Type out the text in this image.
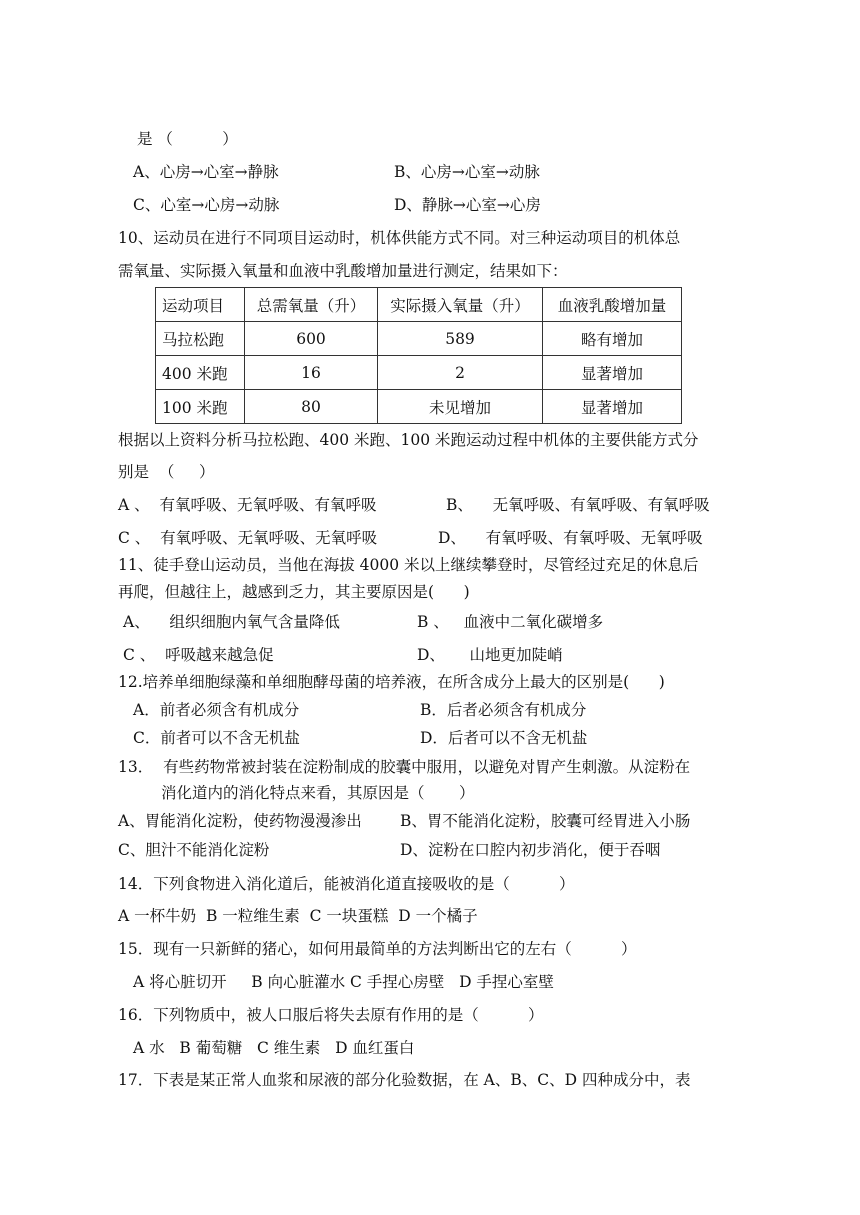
是 （          ）
A、心房→心室→静脉	B、心房→心室→动脉
C、心室→心房→动脉	D、静脉→心室→心房
10、运动员在进行不同项目运动时，机体供能方式不同。对三种运动项目的机体总
需氧量、实际摄入氧量和血液中乳酸增加量进行测定，结果如下：
运动项目	总需氧量（升）	实际摄入氧量（升）	血液乳酸增加量
马拉松跑	600	589	略有增加
400 米跑	16	2	显著增加
100 米跑	80	未见增加	显著增加
根据以上资料分析马拉松跑、400 米跑、100 米跑运动过程中机体的主要供能方式分
别是  （     ）
A 、  有氧呼吸、无氧呼吸、有氧呼吸	B、    无氧呼吸、有氧呼吸、有氧呼吸
C 、  有氧呼吸、无氧呼吸、无氧呼吸	D、    有氧呼吸、有氧呼吸、无氧呼吸
11、徒手登山运动员，当他在海拔 4000 米以上继续攀登时，尽管经过充足的休息后
再爬，但越往上，越感到乏力，其主要原因是(      )
A、    组织细胞内氧气含量降低	B 、   血液中二氧化碳增多
C 、  呼吸越来越急促	D、     山地更加陡峭
12.培养单细胞绿藻和单细胞酵母菌的培养液，在所含成分上最大的区别是(      )
A．前者必须含有机成分	B．后者必须含有机成分
C．前者可以不含无机盐	D．后者可以不含无机盐
13．  有些药物常被封装在淀粉制成的胶囊中服用，以避免对胃产生刺激。从淀粉在
消化道内的消化特点来看，其原因是（       ）
A、胃能消化淀粉，使药物漫漫渗出 B、胃不能消化淀粉，胶囊可经胃进入小肠
C、胆汁不能消化淀粉	D、淀粉在口腔内初步消化，便于吞咽
14．下列食物进入消化道后，能被消化道直接吸收的是（          ）
A 一杯牛奶  B 一粒维生素  C 一块蛋糕  D 一个橘子
15．现有一只新鲜的猪心，如何用最简单的方法判断出它的左右（          ）
A 将心脏切开     B 向心脏灌水 C 手捏心房壁   D 手捏心室壁
16．下列物质中，被人口服后将失去原有作用的是（          ）
A 水   B 葡萄糖   C 维生素   D 血红蛋白
17．下表是某正常人血浆和尿液的部分化验数据，在 A、B、C、D 四种成分中，表
